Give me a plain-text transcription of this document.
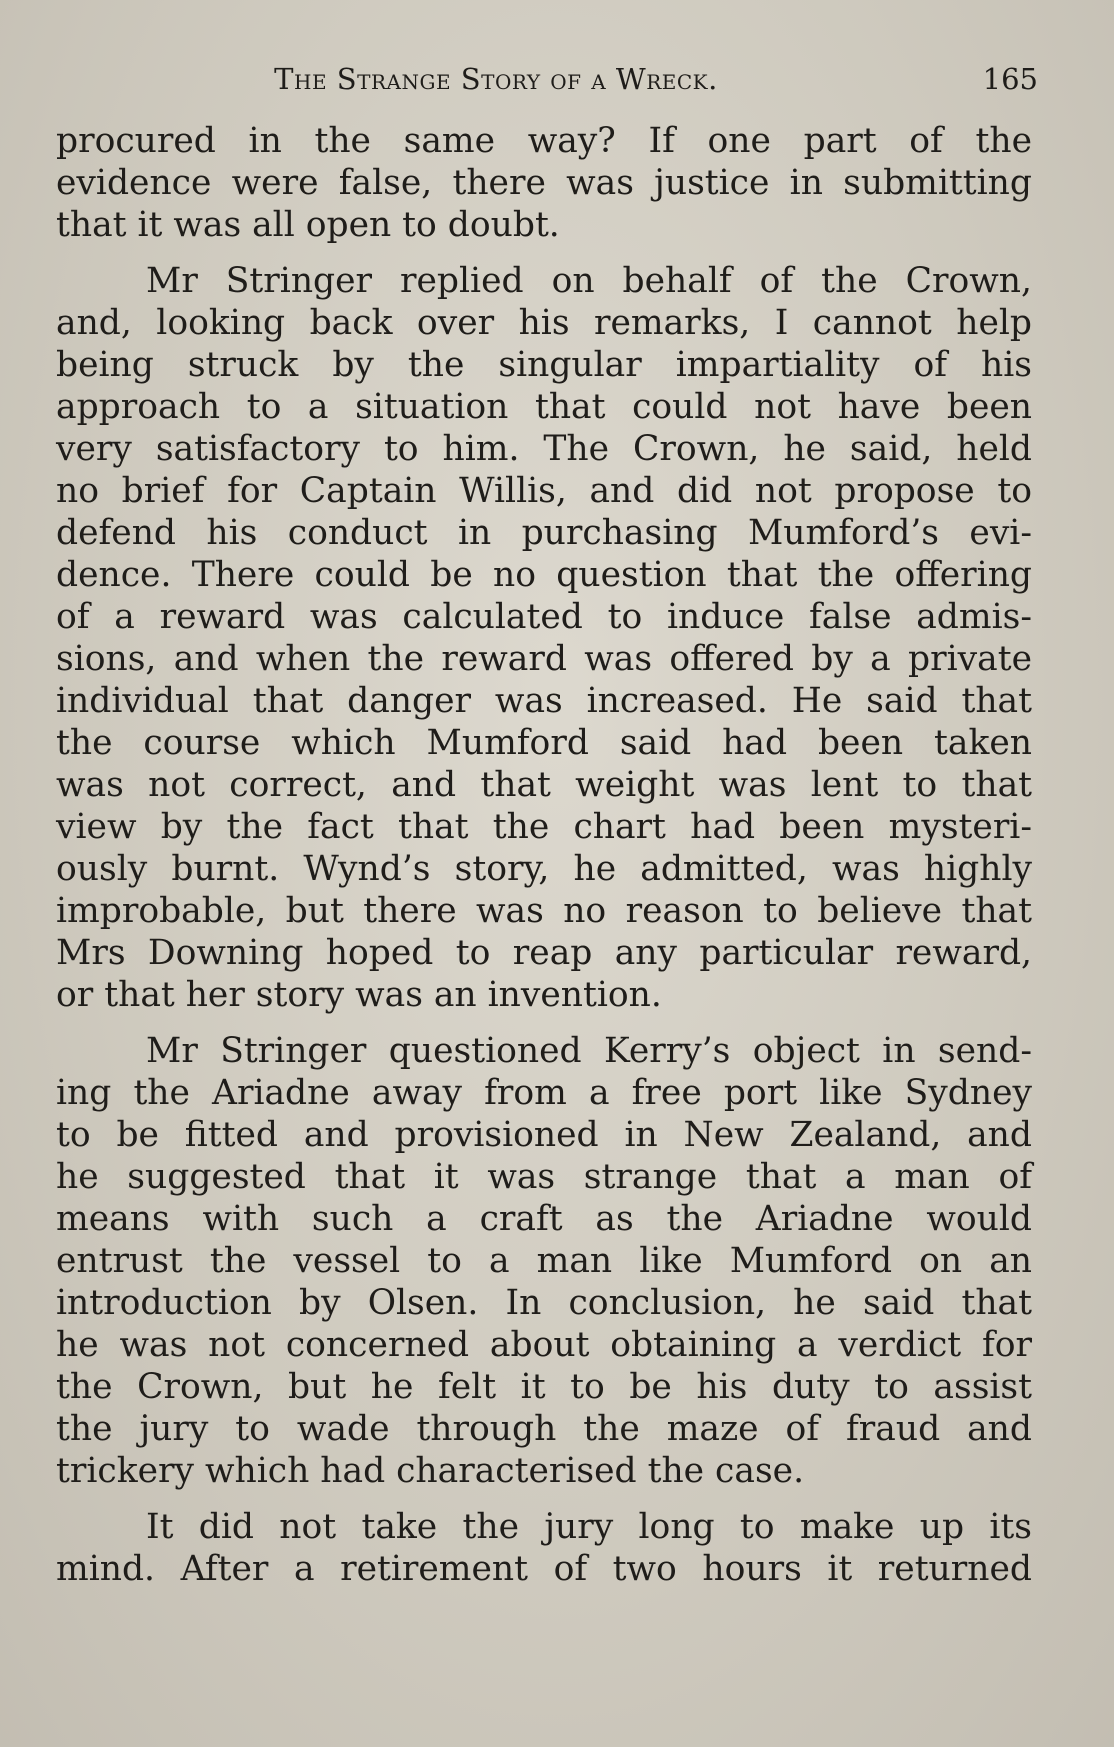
The Strange Story of a Wreck.	165
procured in the same way? If one part of the
evidence were false, there was justice in submitting
that it was all open to doubt.
Mr Stringer replied on behalf of the Crown,
and, looking back over his remarks, I cannot help
being struck by the singular impartiality of his
approach to a situation that could not have been
very satisfactory to him. The Crown, he said, held
no brief for Captain Willis, and did not propose to
defend his conduct in purchasing Mumford’s evi-
dence. There could be no question that the offering
of a reward was calculated to induce false admis-
sions, and when the reward was offered by a private
individual that danger was increased. He said that
the course which Mumford said had been taken
was not correct, and that weight was lent to that
view by the fact that the chart had been mysteri-
ously burnt. Wynd’s story, he admitted, was highly
improbable, but there was no reason to believe that
Mrs Downing hoped to reap any particular reward,
or that her story was an invention.
Mr Stringer questioned Kerry’s object in send-
ing the Ariadne away from a free port like Sydney
to be fitted and provisioned in New Zealand, and
he suggested that it was strange that a man of
means with such a craft as the Ariadne would
entrust the vessel to a man like Mumford on an
introduction by Olsen. In conclusion, he said that
he was not concerned about obtaining a verdict for
the Crown, but he felt it to be his duty to assist
the jury to wade through the maze of fraud and
trickery which had characterised the case.
It did not take the jury long to make up its
mind. After a retirement of two hours it returned
